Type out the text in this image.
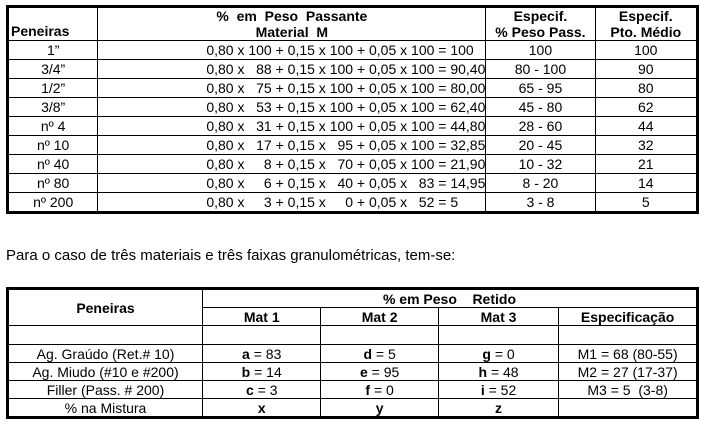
Peneiras	%  em  Peso  Passante	Especif.	Especif.
	Material  M	% Peso Pass.	Pto. Médio
1”	0,80 x 100 + 0,15 x 100 + 0,05 x 100 = 100	100	100
3/4”	0,80 x   88 + 0,15 x 100 + 0,05 x 100 = 90,40	80 - 100	90
1/2”	0,80 x   75 + 0,15 x 100 + 0,05 x 100 = 80,00	65 - 95	80
3/8”	0,80 x   53 + 0,15 x 100 + 0,05 x 100 = 62,40	45 - 80	62
nº 4	0,80 x   31 + 0,15 x 100 + 0,05 x 100 = 44,80	28 - 60	44
nº 10	0,80 x   17 + 0,15 x   95 + 0,05 x 100 = 32,85	20 - 45	32
nº 40	0,80 x     8 + 0,15 x   70 + 0,05 x 100 = 21,90	10 - 32	21
nº 80	0,80 x     6 + 0,15 x   40 + 0,05 x   83 = 14,95	8 - 20	14
nº 200	0,80 x     3 + 0,15 x     0 + 0,05 x   52 = 5	3 - 8	5

Para o caso de três materiais e três faixas granulométricas, tem-se:

Peneiras	% em Peso    Retido			
	Mat 1	Mat 2	Mat 3	Especificação

Ag. Graúdo (Ret.# 10)	a = 83	d = 5	g = 0	M1 = 68 (80-55)
Ag. Miudo (#10 e #200)	b = 14	e = 95	h = 48	M2 = 27 (17-37)
Filler (Pass. # 200)	c = 3	f = 0	i = 52	M3 = 5  (3-8)
% na Mistura	x	y	z	
